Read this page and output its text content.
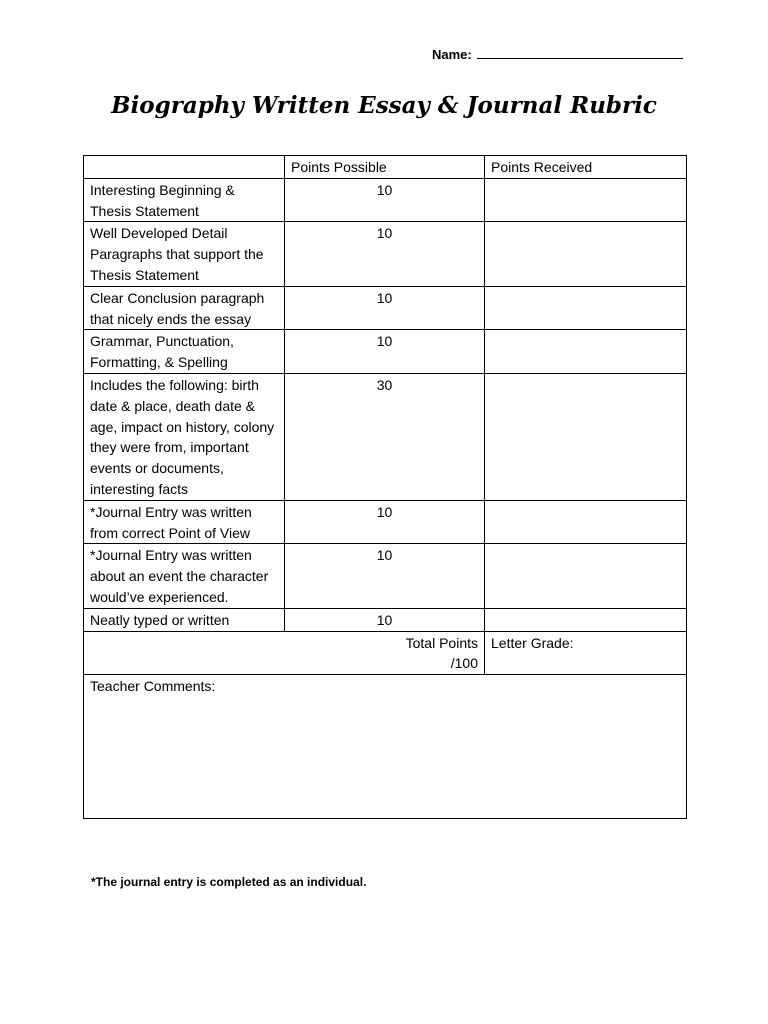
Name:
Biography Written Essay & Journal Rubric
	Points Possible	Points Received
Interesting Beginning & Thesis Statement	10	
Well Developed Detail Paragraphs that support the Thesis Statement	10	
Clear Conclusion paragraph that nicely ends the essay	10	
Grammar, Punctuation, Formatting, & Spelling	10	
Includes the following: birth date & place, death date & age, impact on history, colony they were from, important events or documents, interesting facts	30	
*Journal Entry was written from correct Point of View	10	
*Journal Entry was written about an event the character would’ve experienced.	10	
Neatly typed or written	10	

Total Points
/100		Letter Grade:
Teacher Comments:		
*The journal entry is completed as an individual.
